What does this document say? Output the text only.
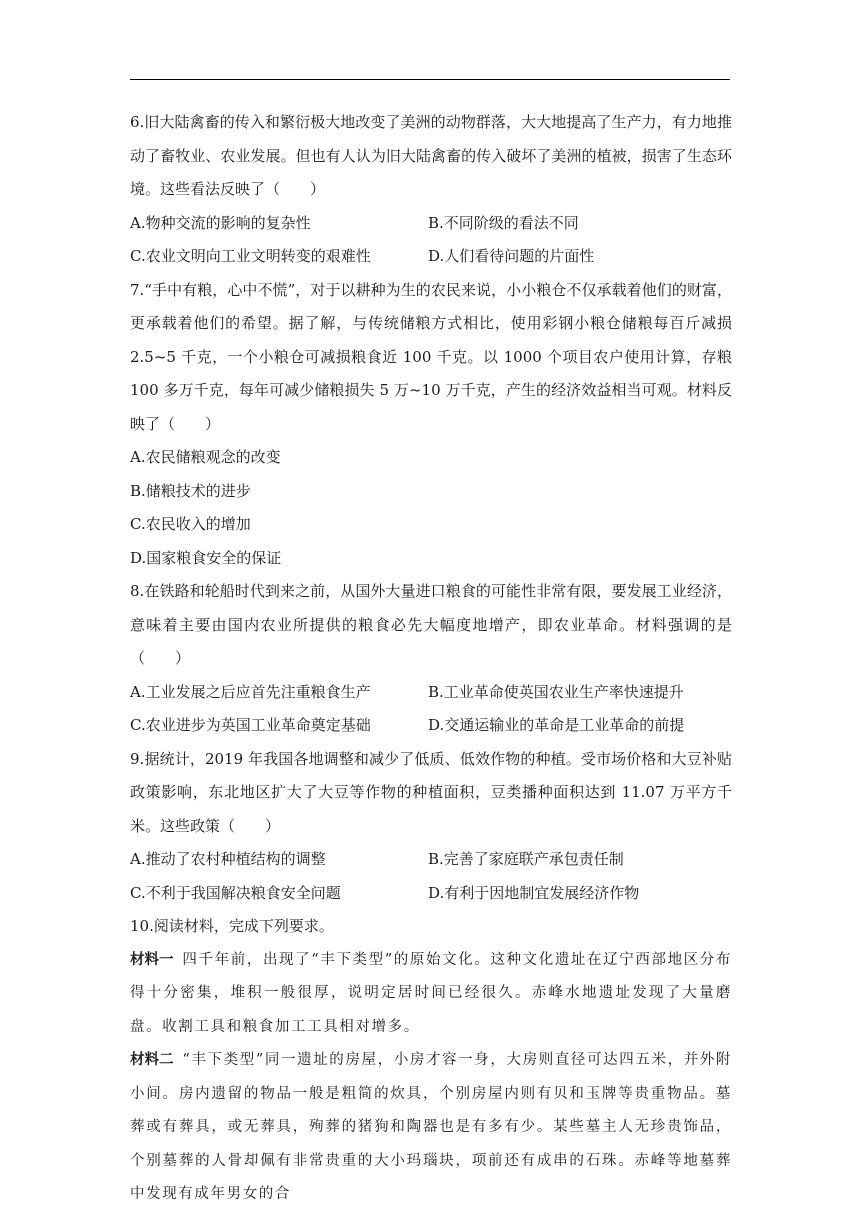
6.旧大陆禽畜的传入和繁衍极大地改变了美洲的动物群落，大大地提高了生产力，有力地推动了畜牧业、农业发展。但也有人认为旧大陆禽畜的传入破坏了美洲的植被，损害了生态环境。这些看法反映了（　　）

A.物种交流的影响的复杂性	B.不同阶级的看法不同
C.农业文明向工业文明转变的艰难性	D.人们看待问题的片面性

7.“手中有粮，心中不慌”，对于以耕种为生的农民来说，小小粮仓不仅承载着他们的财富，更承载着他们的希望。据了解，与传统储粮方式相比，使用彩钢小粮仓储粮每百斤减损 2.5~5 千克，一个小粮仓可减损粮食近 100 千克。以 1000 个项目农户使用计算，存粮 100 多万千克，每年可减少储粮损失 5 万~10 万千克，产生的经济效益相当可观。材料反映了（　　）

A.农民储粮观念的改变

B.储粮技术的进步

C.农民收入的增加

D.国家粮食安全的保证

8.在铁路和轮船时代到来之前，从国外大量进口粮食的可能性非常有限，要发展工业经济，意味着主要由国内农业所提供的粮食必先大幅度地增产，即农业革命。材料强调的是（　　）

A.工业发展之后应首先注重粮食生产	B.工业革命使英国农业生产率快速提升
C.农业进步为英国工业革命奠定基础	D.交通运输业的革命是工业革命的前提

9.据统计，2019 年我国各地调整和减少了低质、低效作物的种植。受市场价格和大豆补贴政策影响，东北地区扩大了大豆等作物的种植面积，豆类播种面积达到 11.07 万平方千米。这些政策（　　）

A.推动了农村种植结构的调整	B.完善了家庭联产承包责任制
C.不利于我国解决粮食安全问题	D.有利于因地制宜发展经济作物

10.阅读材料，完成下列要求。

材料一  四千年前，出现了“丰下类型”的原始文化。这种文化遗址在辽宁西部地区分布得十分密集，堆积一般很厚，说明定居时间已经很久。赤峰水地遗址发现了大量磨盘。收割工具和粮食加工工具相对增多。

材料二  “丰下类型”同一遗址的房屋，小房才容一身，大房则直径可达四五米，并外附小间。房内遗留的物品一般是粗简的炊具，个别房屋内则有贝和玉牌等贵重物品。墓葬或有葬具，或无葬具，殉葬的猪狗和陶器也是有多有少。某些墓主人无珍贵饰品，个别墓葬的人骨却佩有非常贵重的大小玛瑙块，项前还有成串的石珠。赤峰等地墓葬中发现有成年男女的合
